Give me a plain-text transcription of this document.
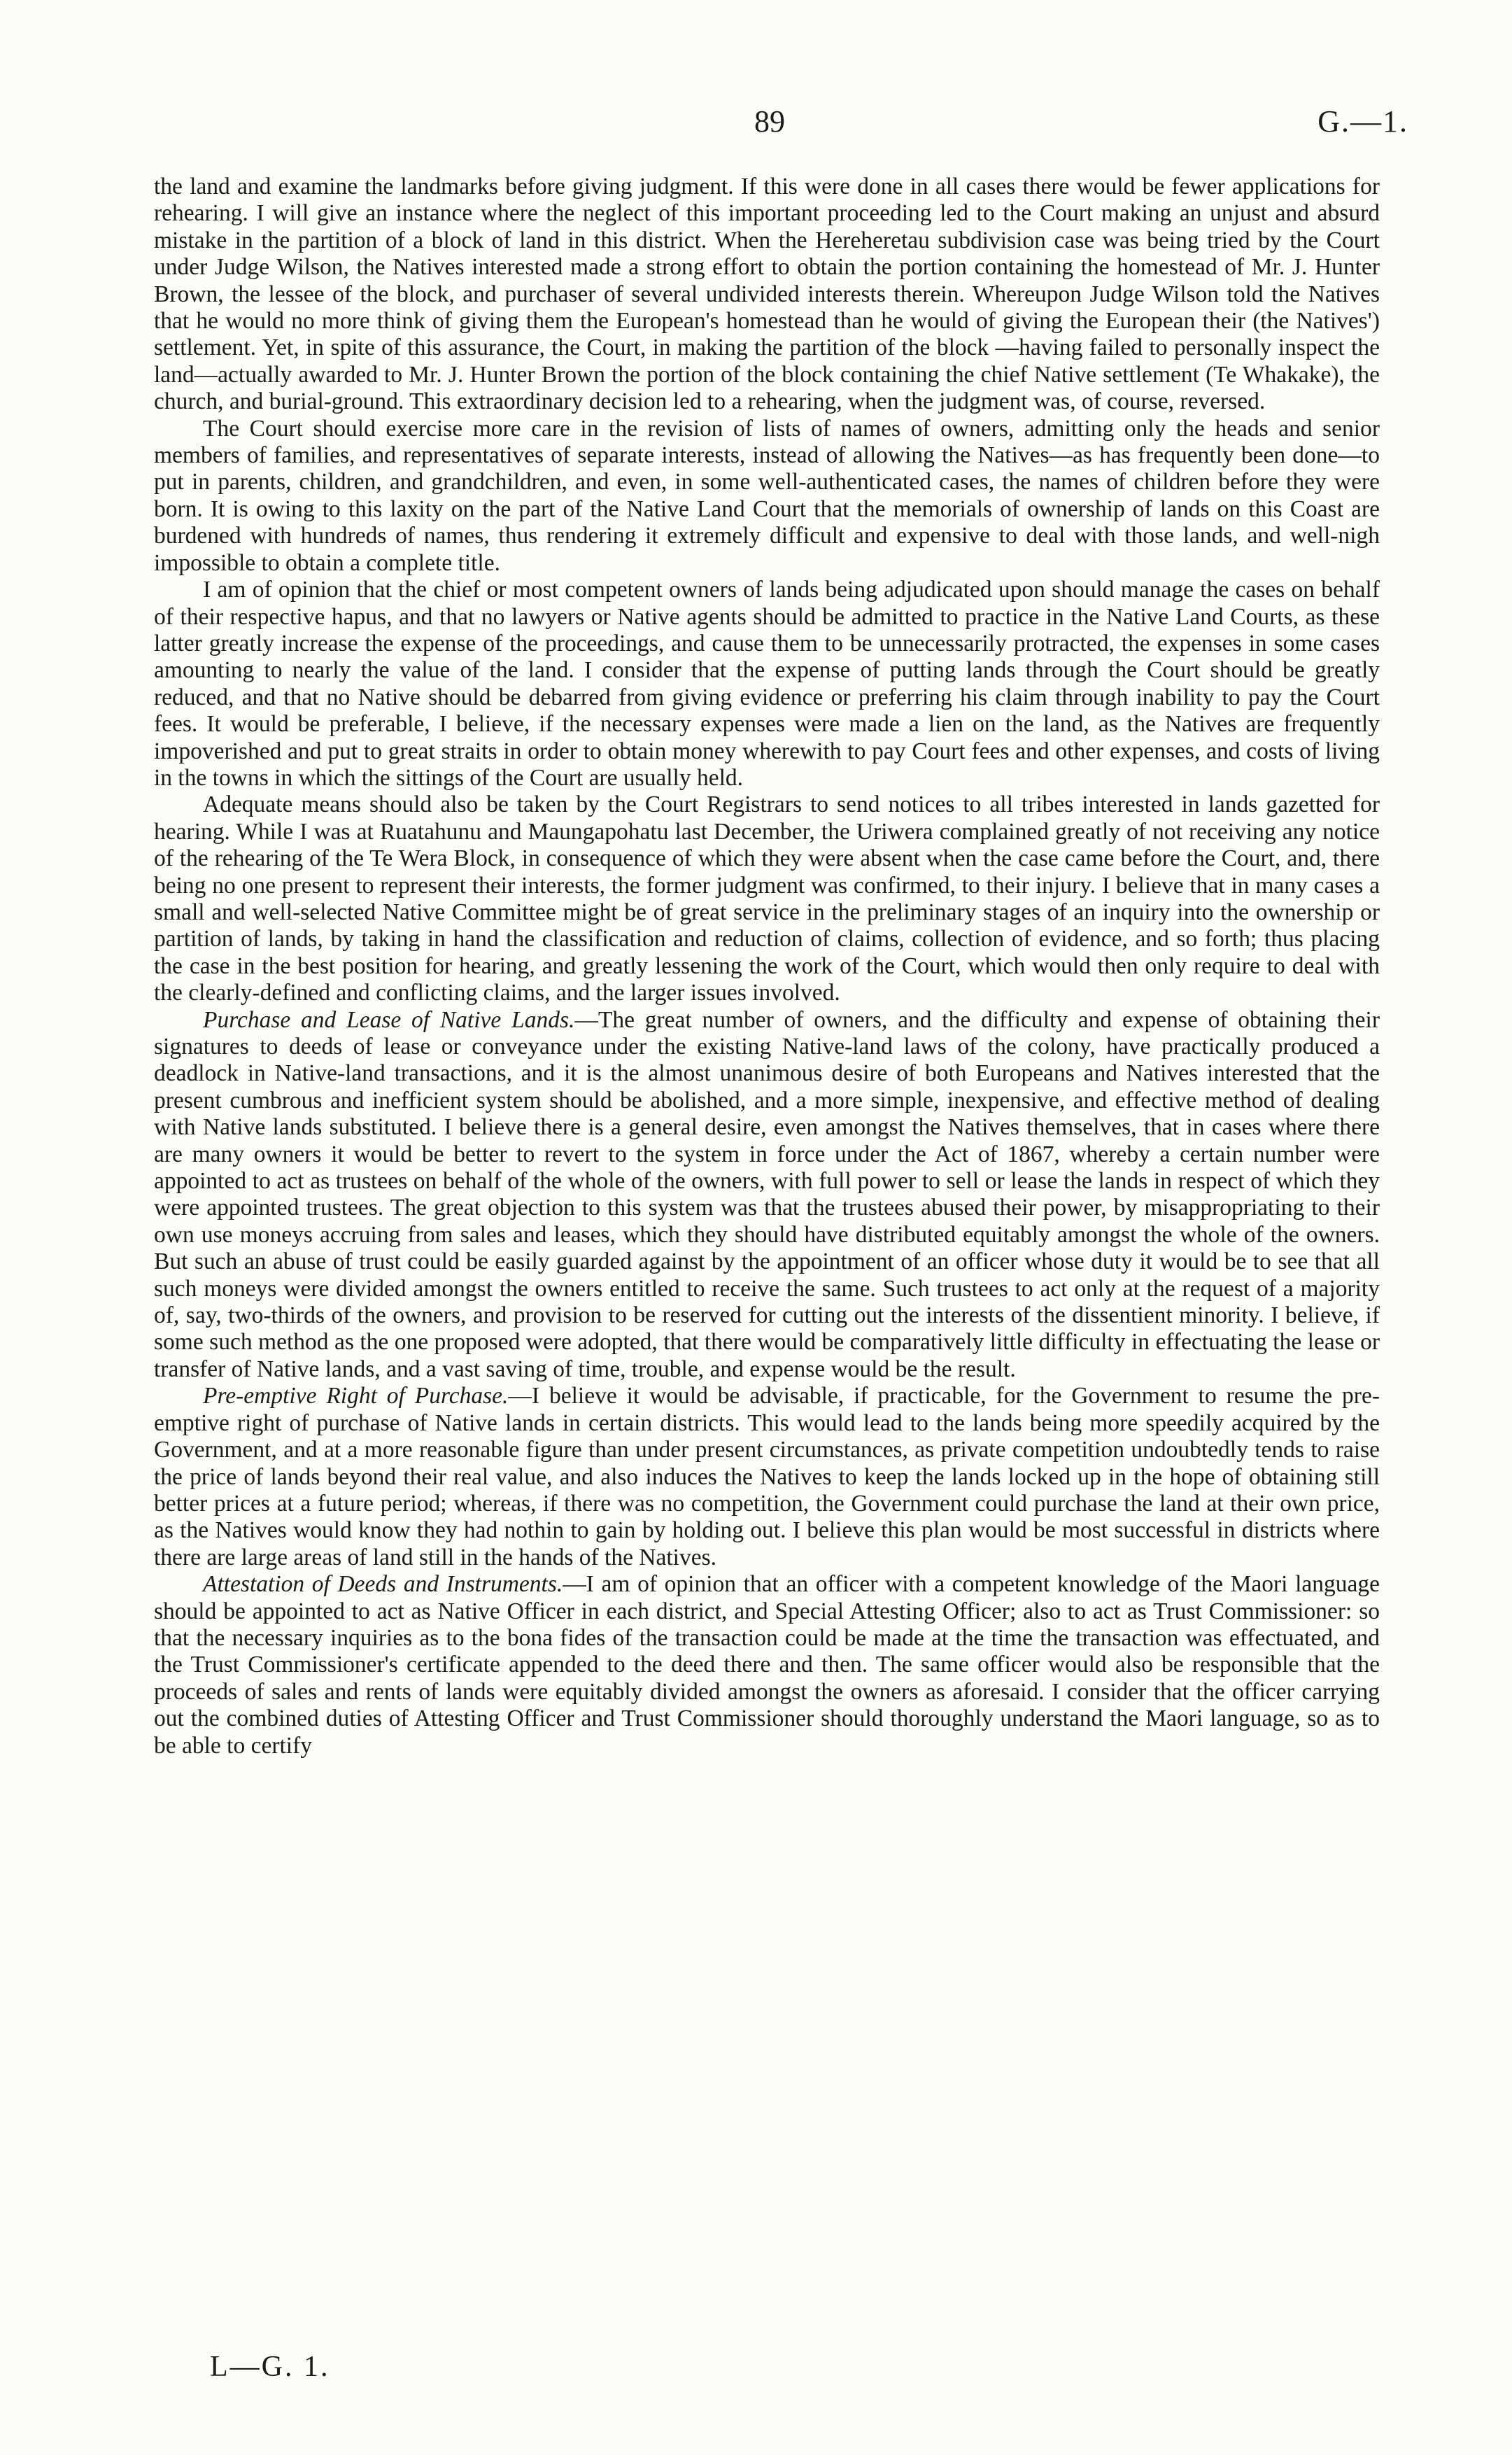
89	G.—1.

the land and examine the landmarks before giving judgment. If this were done in all cases there would be fewer applications for rehearing. I will give an instance where the neglect of this important proceeding led to the Court making an unjust and absurd mistake in the partition of a block of land in this district. When the Hereheretau subdivision case was being tried by the Court under Judge Wilson, the Natives interested made a strong effort to obtain the portion containing the homestead of Mr. J. Hunter Brown, the lessee of the block, and purchaser of several undivided interests therein. Whereupon Judge Wilson told the Natives that he would no more think of giving them the European's homestead than he would of giving the European their (the Natives') settlement. Yet, in spite of this assurance, the Court, in making the partition of the block —having failed to personally inspect the land—actually awarded to Mr. J. Hunter Brown the portion of the block containing the chief Native settlement (Te Whakake), the church, and burial-ground. This extraordinary decision led to a rehearing, when the judgment was, of course, reversed.

The Court should exercise more care in the revision of lists of names of owners, admitting only the heads and senior members of families, and representatives of separate interests, instead of allowing the Natives—as has frequently been done—to put in parents, children, and grandchildren, and even, in some well-authenticated cases, the names of children before they were born. It is owing to this laxity on the part of the Native Land Court that the memorials of ownership of lands on this Coast are burdened with hundreds of names, thus rendering it extremely difficult and expensive to deal with those lands, and well-nigh impossible to obtain a complete title.

I am of opinion that the chief or most competent owners of lands being adjudicated upon should manage the cases on behalf of their respective hapus, and that no lawyers or Native agents should be admitted to practice in the Native Land Courts, as these latter greatly increase the expense of the proceedings, and cause them to be unnecessarily protracted, the expenses in some cases amounting to nearly the value of the land. I consider that the expense of putting lands through the Court should be greatly reduced, and that no Native should be debarred from giving evidence or preferring his claim through inability to pay the Court fees. It would be preferable, I believe, if the necessary expenses were made a lien on the land, as the Natives are frequently impoverished and put to great straits in order to obtain money wherewith to pay Court fees and other expenses, and costs of living in the towns in which the sittings of the Court are usually held.

Adequate means should also be taken by the Court Registrars to send notices to all tribes interested in lands gazetted for hearing. While I was at Ruatahunu and Maungapohatu last December, the Uriwera complained greatly of not receiving any notice of the rehearing of the Te Wera Block, in consequence of which they were absent when the case came before the Court, and, there being no one present to represent their interests, the former judgment was confirmed, to their injury. I believe that in many cases a small and well-selected Native Committee might be of great service in the preliminary stages of an inquiry into the ownership or partition of lands, by taking in hand the classification and reduction of claims, collection of evidence, and so forth; thus placing the case in the best position for hearing, and greatly lessening the work of the Court, which would then only require to deal with the clearly-defined and conflicting claims, and the larger issues involved.

Purchase and Lease of Native Lands.—The great number of owners, and the difficulty and expense of obtaining their signatures to deeds of lease or conveyance under the existing Native-land laws of the colony, have practically produced a deadlock in Native-land transactions, and it is the almost unanimous desire of both Europeans and Natives interested that the present cumbrous and inefficient system should be abolished, and a more simple, inexpensive, and effective method of dealing with Native lands substituted. I believe there is a general desire, even amongst the Natives themselves, that in cases where there are many owners it would be better to revert to the system in force under the Act of 1867, whereby a certain number were appointed to act as trustees on behalf of the whole of the owners, with full power to sell or lease the lands in respect of which they were appointed trustees. The great objection to this system was that the trustees abused their power, by misappropriating to their own use moneys accruing from sales and leases, which they should have distributed equitably amongst the whole of the owners. But such an abuse of trust could be easily guarded against by the appointment of an officer whose duty it would be to see that all such moneys were divided amongst the owners entitled to receive the same. Such trustees to act only at the request of a majority of, say, two-thirds of the owners, and provision to be reserved for cutting out the interests of the dissentient minority. I believe, if some such method as the one proposed were adopted, that there would be comparatively little difficulty in effectuating the lease or transfer of Native lands, and a vast saving of time, trouble, and expense would be the result.

Pre-emptive Right of Purchase.—I believe it would be advisable, if practicable, for the Government to resume the pre-emptive right of purchase of Native lands in certain districts. This would lead to the lands being more speedily acquired by the Government, and at a more reasonable figure than under present circumstances, as private competition undoubtedly tends to raise the price of lands beyond their real value, and also induces the Natives to keep the lands locked up in the hope of obtaining still better prices at a future period; whereas, if there was no competition, the Government could purchase the land at their own price, as the Natives would know they had nothin to gain by holding out. I believe this plan would be most successful in districts where there are large areas of land still in the hands of the Natives.

Attestation of Deeds and Instruments.—I am of opinion that an officer with a competent knowledge of the Maori language should be appointed to act as Native Officer in each district, and Special Attesting Officer; also to act as Trust Commissioner: so that the necessary inquiries as to the bona fides of the transaction could be made at the time the transaction was effectuated, and the Trust Commissioner's certificate appended to the deed there and then. The same officer would also be responsible that the proceeds of sales and rents of lands were equitably divided amongst the owners as aforesaid. I consider that the officer carrying out the combined duties of Attesting Officer and Trust Commissioner should thoroughly understand the Maori language, so as to be able to certify

L—G. 1.
